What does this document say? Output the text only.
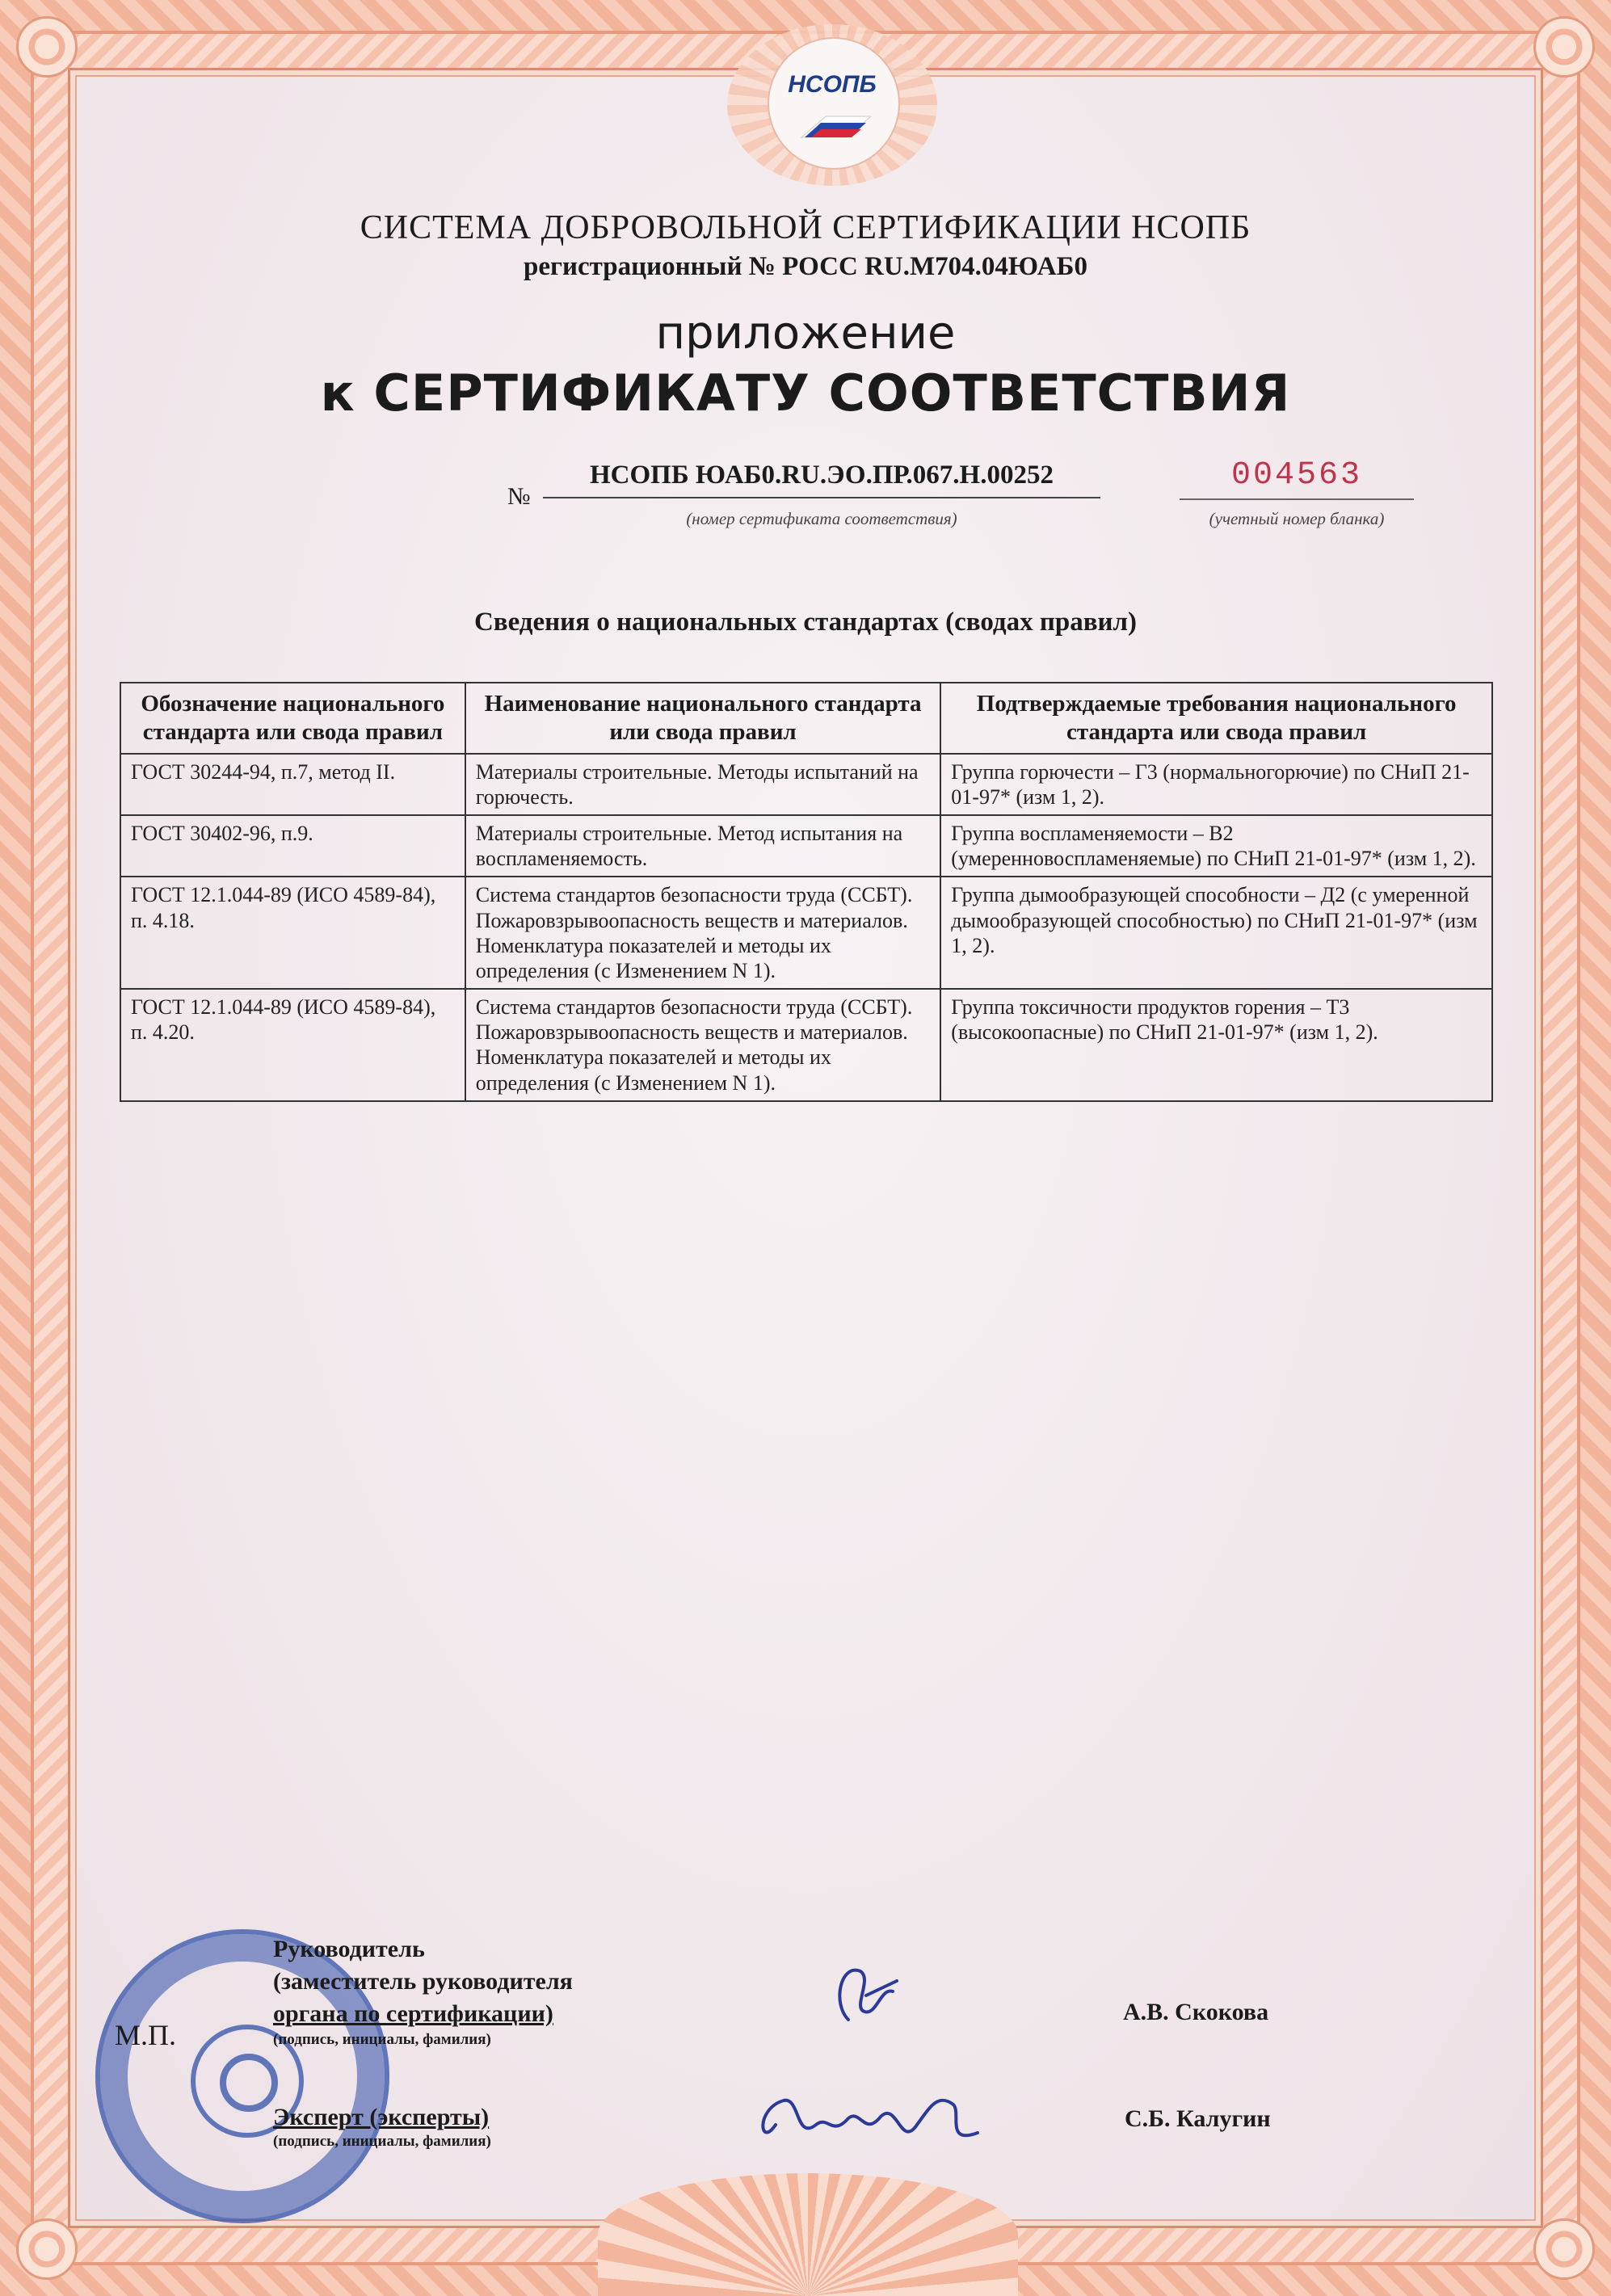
НСОПБ
СИСТЕМА ДОБРОВОЛЬНОЙ СЕРТИФИКАЦИИ НСОПБ
регистрационный № РОСС RU.M704.04ЮАБ0
приложение
к СЕРТИФИКАТУ СООТВЕТСТВИЯ
№
НСОПБ ЮАБ0.RU.ЭО.ПР.067.Н.00252
(номер сертификата соответствия)
004563
(учетный номер бланка)
Сведения о национальных стандартах (сводах правил)
Обозначение национального стандарта или свода правил	Наименование национального стандарта или свода правил	Подтверждаемые требования национального стандарта или свода правил
ГОСТ 30244-94, п.7, метод II.	Материалы строительные. Методы испытаний на горючесть.	Группа горючести – Г3 (нормальногорючие) по СНиП 21-01-97* (изм 1, 2).
ГОСТ 30402-96, п.9.	Материалы строительные. Метод испытания на воспламеняемость.	Группа воспламеняемости – В2 (умеренновоспламеняемые) по СНиП 21-01-97* (изм 1, 2).
ГОСТ 12.1.044-89 (ИСО 4589-84), п. 4.18.	Система стандартов безопасности труда (ССБТ). Пожаровзрывоопасность веществ и материалов. Номенклатура показателей и методы их определения (с Изменением N 1).	Группа дымообразующей способности – Д2 (с умеренной дымообразующей способностью) по СНиП 21-01-97* (изм 1, 2).
ГОСТ 12.1.044-89 (ИСО 4589-84), п. 4.20.	Система стандартов безопасности труда (ССБТ). Пожаровзрывоопасность веществ и материалов. Номенклатура показателей и методы их определения (с Изменением N 1).	Группа токсичности продуктов горения – Т3 (высокоопасные) по СНиП 21-01-97* (изм 1, 2).
М.П.
Руководитель
(заместитель руководителя
органа по сертификации)
(подпись, инициалы, фамилия)
А.В. Скокова
Эксперт (эксперты)
(подпись, инициалы, фамилия)
С.Б. Калугин
